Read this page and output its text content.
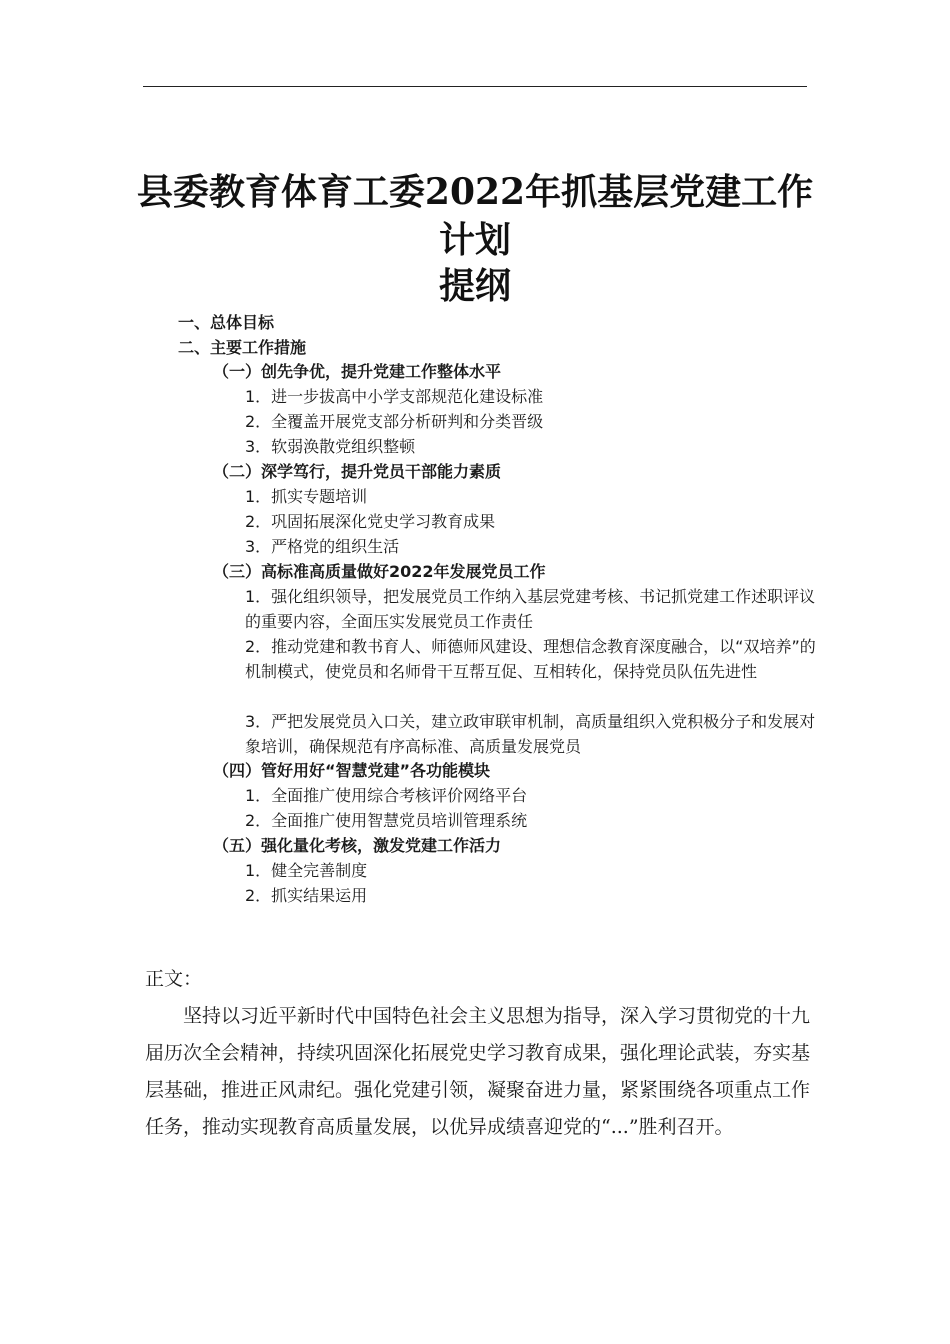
县委教育体育工委2022年抓基层党建工作
计划
提纲
一、总体目标
二、主要工作措施
（一）创先争优，提升党建工作整体水平
1．进一步拔高中小学支部规范化建设标准
2．全覆盖开展党支部分析研判和分类晋级
3．软弱涣散党组织整顿
（二）深学笃行，提升党员干部能力素质
1．抓实专题培训
2．巩固拓展深化党史学习教育成果
3．严格党的组织生活
（三）高标准高质量做好2022年发展党员工作
1．强化组织领导，把发展党员工作纳入基层党建考核、书记抓党建工作述职评议的重要内容，全面压实发展党员工作责任
2．推动党建和教书育人、师德师风建设、理想信念教育深度融合，以“双培养”的机制模式，使党员和名师骨干互帮互促、互相转化，保持党员队伍先进性
3．严把发展党员入口关，建立政审联审机制，高质量组织入党积极分子和发展对象培训，确保规范有序高标准、高质量发展党员
（四）管好用好“智慧党建”各功能模块
1．全面推广使用综合考核评价网络平台
2．全面推广使用智慧党员培训管理系统
（五）强化量化考核，激发党建工作活力
1．健全完善制度
2．抓实结果运用
正文：
坚持以习近平新时代中国特色社会主义思想为指导，深入学习贯彻党的十九届历次全会精神，持续巩固深化拓展党史学习教育成果，强化理论武装，夯实基层基础，推进正风肃纪。强化党建引领，凝聚奋进力量，紧紧围绕各项重点工作任务，推动实现教育高质量发展，以优异成绩喜迎党的“...”胜利召开。
